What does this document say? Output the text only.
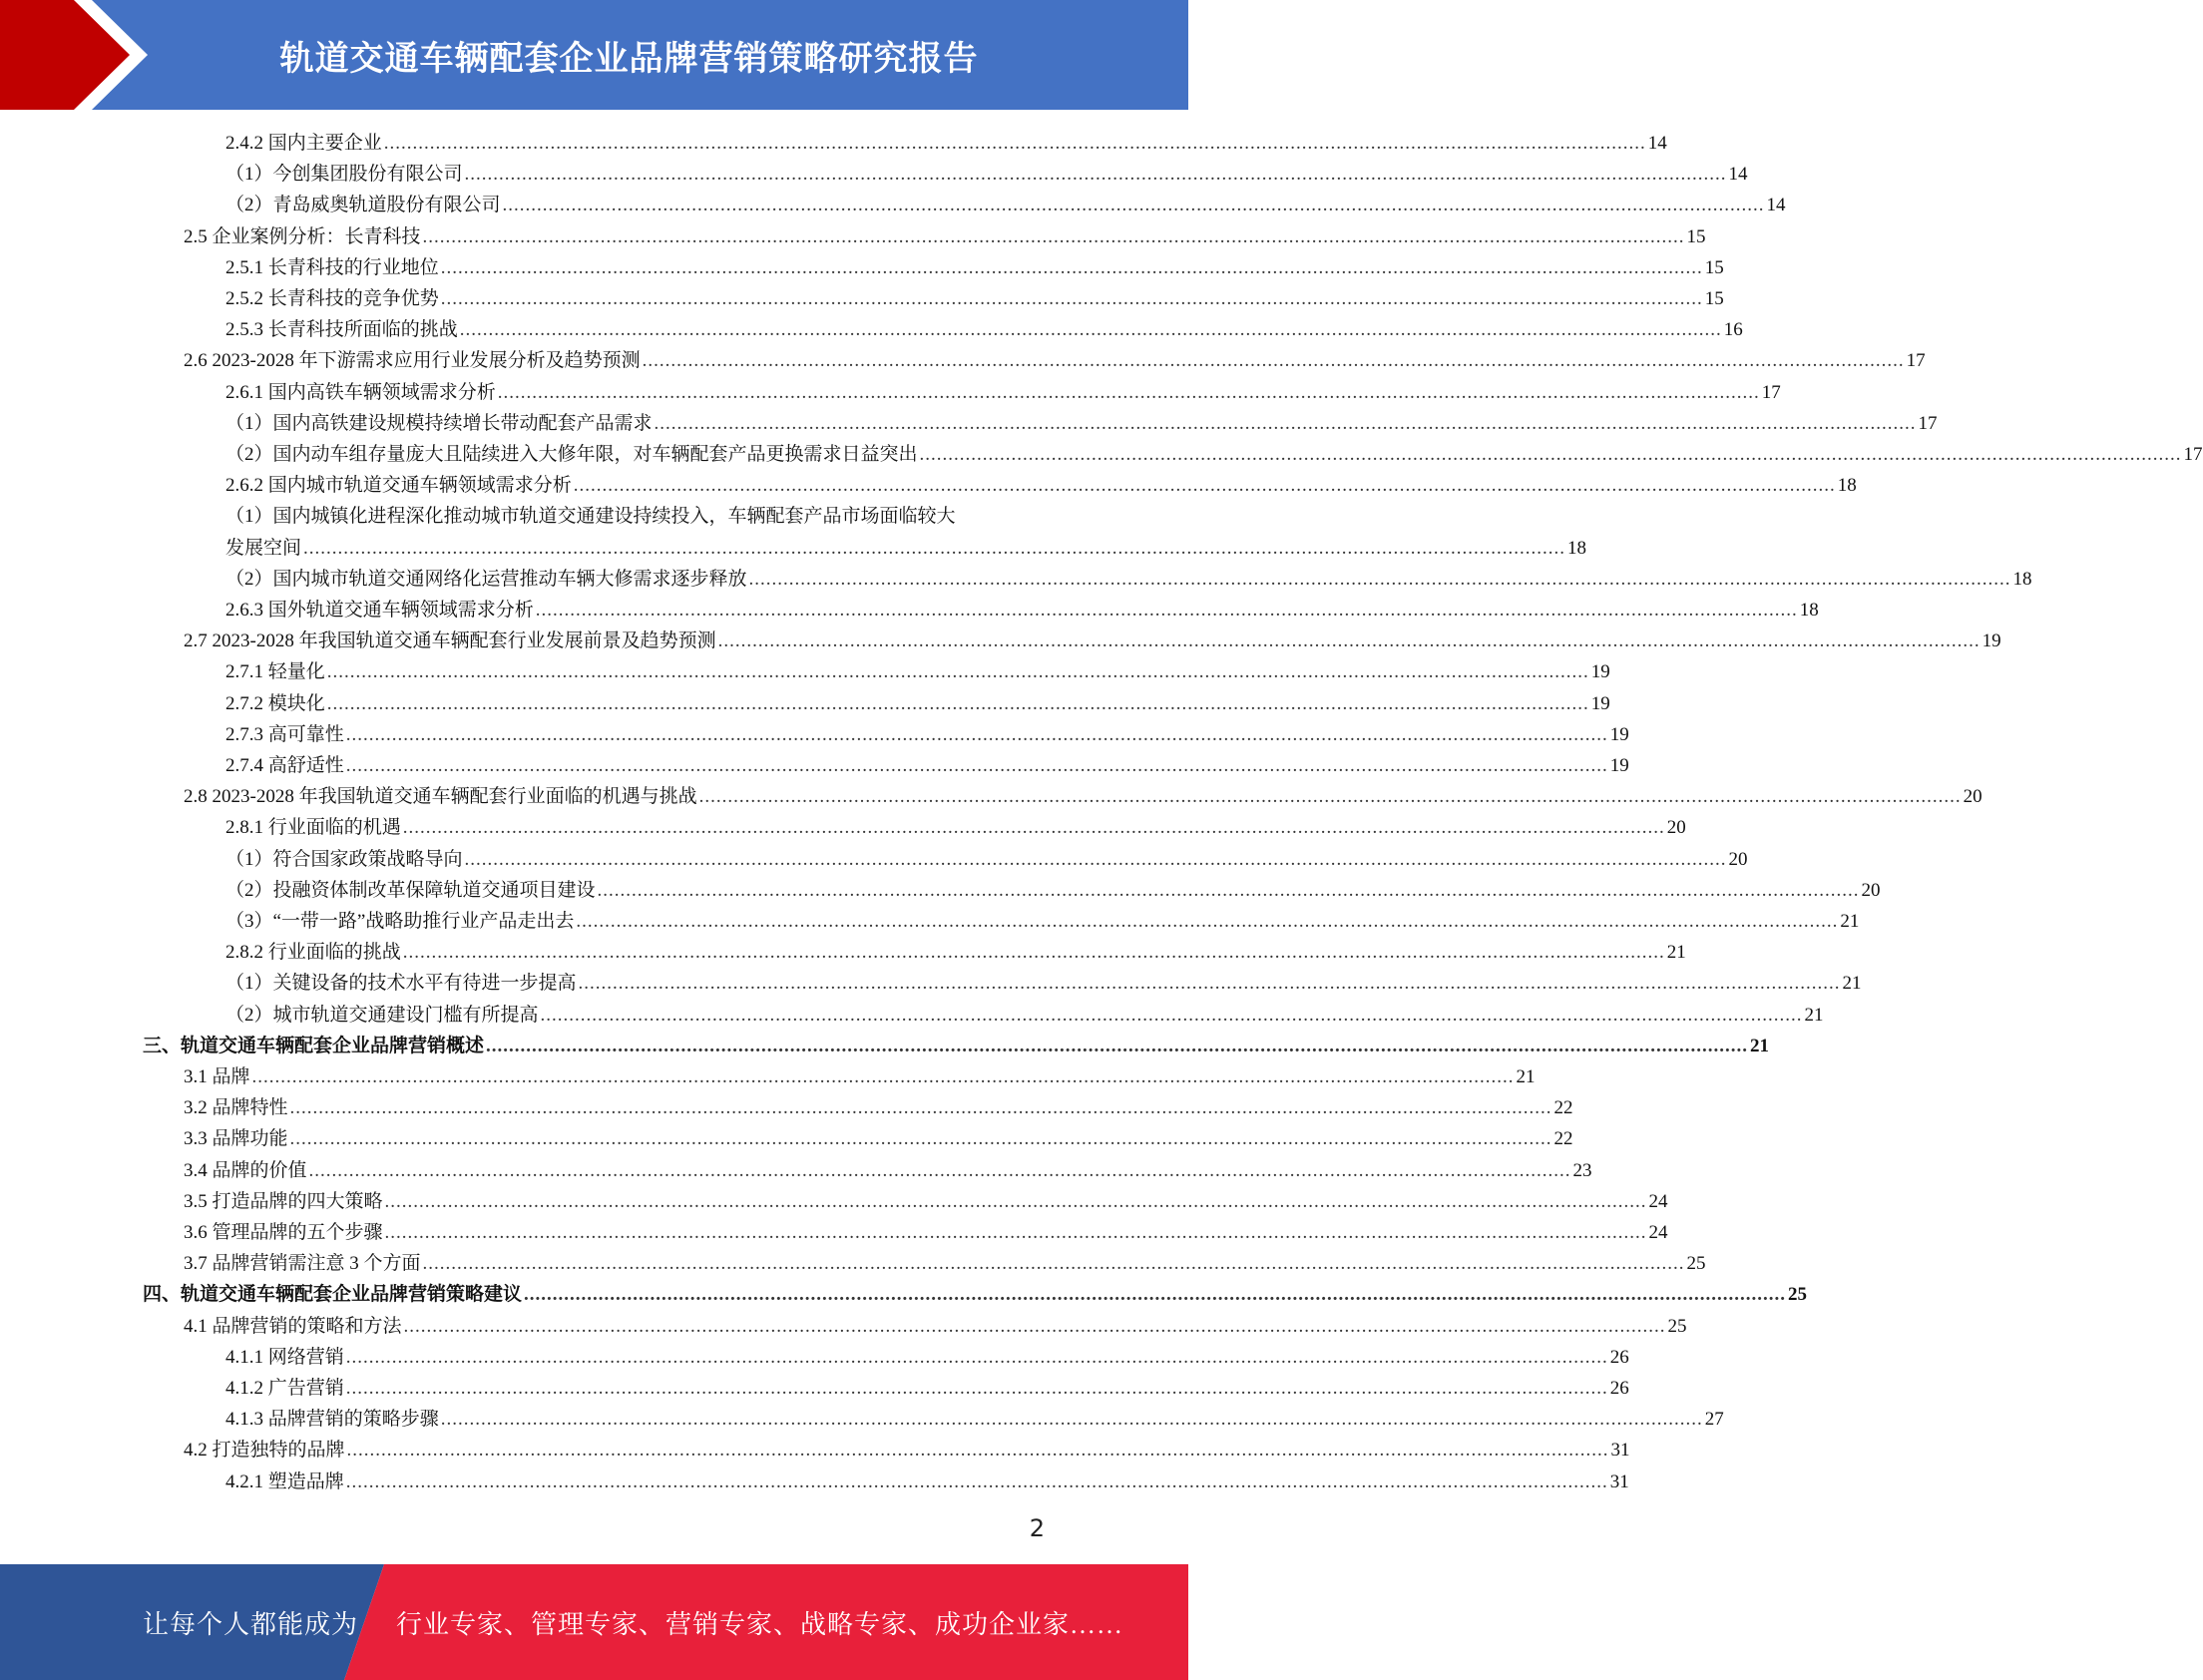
轨道交通车辆配套企业品牌营销策略研究报告
2.4.2 国内主要企业 ............................................................................................................................................................................................................................ 14
（1）今创集团股份有限公司 ............................................................................................................................................................................................................................ 14
（2）青岛威奥轨道股份有限公司 ............................................................................................................................................................................................................................ 14
2.5 企业案例分析：长青科技 ............................................................................................................................................................................................................................ 15
2.5.1 长青科技的行业地位 ............................................................................................................................................................................................................................ 15
2.5.2 长青科技的竞争优势 ............................................................................................................................................................................................................................ 15
2.5.3 长青科技所面临的挑战 ............................................................................................................................................................................................................................ 16
2.6 2023-2028 年下游需求应用行业发展分析及趋势预测 ............................................................................................................................................................................................................................ 17
2.6.1 国内高铁车辆领域需求分析 ............................................................................................................................................................................................................................ 17
（1）国内高铁建设规模持续增长带动配套产品需求 ............................................................................................................................................................................................................................ 17
（2）国内动车组存量庞大且陆续进入大修年限，对车辆配套产品更换需求日益突出 ............................................................................................................................................................................................................................ 17
2.6.2 国内城市轨道交通车辆领域需求分析 ............................................................................................................................................................................................................................ 18
（1）国内城镇化进程深化推动城市轨道交通建设持续投入，车辆配套产品市场面临较大
发展空间 ............................................................................................................................................................................................................................ 18
（2）国内城市轨道交通网络化运营推动车辆大修需求逐步释放 ............................................................................................................................................................................................................................ 18
2.6.3 国外轨道交通车辆领域需求分析 ............................................................................................................................................................................................................................ 18
2.7 2023-2028 年我国轨道交通车辆配套行业发展前景及趋势预测 ............................................................................................................................................................................................................................ 19
2.7.1 轻量化 ............................................................................................................................................................................................................................ 19
2.7.2 模块化 ............................................................................................................................................................................................................................ 19
2.7.3 高可靠性 ............................................................................................................................................................................................................................ 19
2.7.4 高舒适性 ............................................................................................................................................................................................................................ 19
2.8 2023-2028 年我国轨道交通车辆配套行业面临的机遇与挑战 ............................................................................................................................................................................................................................ 20
2.8.1 行业面临的机遇 ............................................................................................................................................................................................................................ 20
（1）符合国家政策战略导向 ............................................................................................................................................................................................................................ 20
（2）投融资体制改革保障轨道交通项目建设 ............................................................................................................................................................................................................................ 20
（3）“一带一路”战略助推行业产品走出去 ............................................................................................................................................................................................................................ 21
2.8.2 行业面临的挑战 ............................................................................................................................................................................................................................ 21
（1）关键设备的技术水平有待进一步提高 ............................................................................................................................................................................................................................ 21
（2）城市轨道交通建设门槛有所提高 ............................................................................................................................................................................................................................ 21
三、轨道交通车辆配套企业品牌营销概述 ............................................................................................................................................................................................................................ 21
3.1 品牌 ............................................................................................................................................................................................................................ 21
3.2 品牌特性 ............................................................................................................................................................................................................................ 22
3.3 品牌功能 ............................................................................................................................................................................................................................ 22
3.4 品牌的价值 ............................................................................................................................................................................................................................ 23
3.5 打造品牌的四大策略 ............................................................................................................................................................................................................................ 24
3.6 管理品牌的五个步骤 ............................................................................................................................................................................................................................ 24
3.7 品牌营销需注意 3 个方面 ............................................................................................................................................................................................................................ 25
四、轨道交通车辆配套企业品牌营销策略建议 ............................................................................................................................................................................................................................ 25
4.1 品牌营销的策略和方法 ............................................................................................................................................................................................................................ 25
4.1.1 网络营销 ............................................................................................................................................................................................................................ 26
4.1.2 广告营销 ............................................................................................................................................................................................................................ 26
4.1.3 品牌营销的策略步骤 ............................................................................................................................................................................................................................ 27
4.2 打造独特的品牌 ............................................................................................................................................................................................................................ 31
4.2.1 塑造品牌 ............................................................................................................................................................................................................................ 31
2
让每个人都能成为 行业专家、管理专家、营销专家、战略专家、成功企业家……
